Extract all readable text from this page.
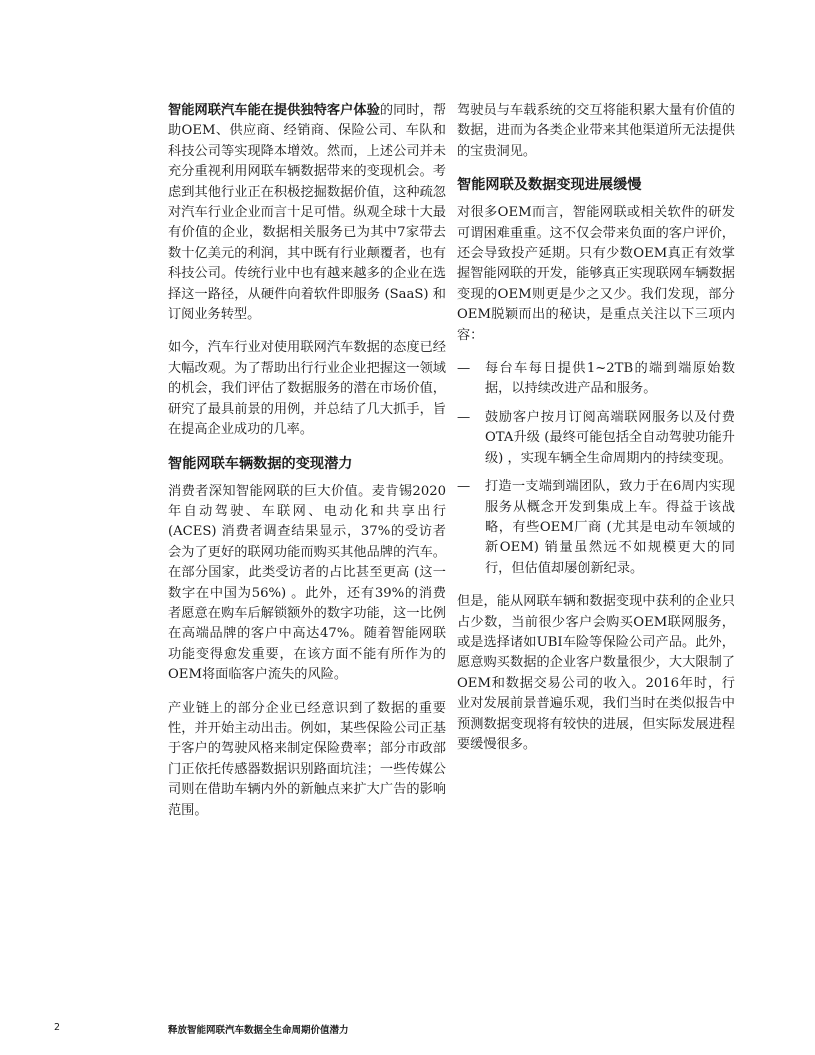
智能网联汽车能在提供独特客户体验的同时，帮助OEM、供应商、经销商、保险公司、车队和科技公司等实现降本增效。然而，上述公司并未充分重视利用网联车辆数据带来的变现机会。考虑到其他行业正在积极挖掘数据价值，这种疏忽对汽车行业企业而言十足可惜。纵观全球十大最有价值的企业，数据相关服务已为其中7家带去数十亿美元的利润，其中既有行业颠覆者，也有科技公司。传统行业中也有越来越多的企业在选择这一路径，从硬件向着软件即服务 (SaaS) 和订阅业务转型。

如今，汽车行业对使用联网汽车数据的态度已经大幅改观。为了帮助出行行业企业把握这一领域的机会，我们评估了数据服务的潜在市场价值，研究了最具前景的用例，并总结了几大抓手，旨在提高企业成功的几率。

智能网联车辆数据的变现潜力

消费者深知智能网联的巨大价值。麦肯锡2020年自动驾驶、车联网、电动化和共享出行(ACES) 消费者调查结果显示，37%的受访者会为了更好的联网功能而购买其他品牌的汽车。在部分国家，此类受访者的占比甚至更高 (这一数字在中国为56%) 。此外，还有39%的消费者愿意在购车后解锁额外的数字功能，这一比例在高端品牌的客户中高达47%。随着智能网联功能变得愈发重要，在该方面不能有所作为的OEM将面临客户流失的风险。

产业链上的部分企业已经意识到了数据的重要性，并开始主动出击。例如，某些保险公司正基于客户的驾驶风格来制定保险费率；部分市政部门正依托传感器数据识别路面坑洼；一些传媒公司则在借助车辆内外的新触点来扩大广告的影响范围。

驾驶员与车载系统的交互将能积累大量有价值的数据，进而为各类企业带来其他渠道所无法提供的宝贵洞见。

智能网联及数据变现进展缓慢

对很多OEM而言，智能网联或相关软件的研发可谓困难重重。这不仅会带来负面的客户评价，还会导致投产延期。只有少数OEM真正有效掌握智能网联的开发，能够真正实现联网车辆数据变现的OEM则更是少之又少。我们发现，部分OEM脱颖而出的秘诀，是重点关注以下三项内容：

—	每台车每日提供1~2TB的端到端原始数据，以持续改进产品和服务。
—	鼓励客户按月订阅高端联网服务以及付费OTA升级 (最终可能包括全自动驾驶功能升级) ，实现车辆全生命周期内的持续变现。
—	打造一支端到端团队，致力于在6周内实现服务从概念开发到集成上车。得益于该战略，有些OEM厂商 (尤其是电动车领域的新OEM) 销量虽然远不如规模更大的同行，但估值却屡创新纪录。

但是，能从网联车辆和数据变现中获利的企业只占少数，当前很少客户会购买OEM联网服务，或是选择诸如UBI车险等保险公司产品。此外，愿意购买数据的企业客户数量很少，大大限制了OEM和数据交易公司的收入。2016年时，行业对发展前景普遍乐观，我们当时在类似报告中预测数据变现将有较快的进展，但实际发展进程要缓慢很多。

2	释放智能网联汽车数据全生命周期价值潜力
